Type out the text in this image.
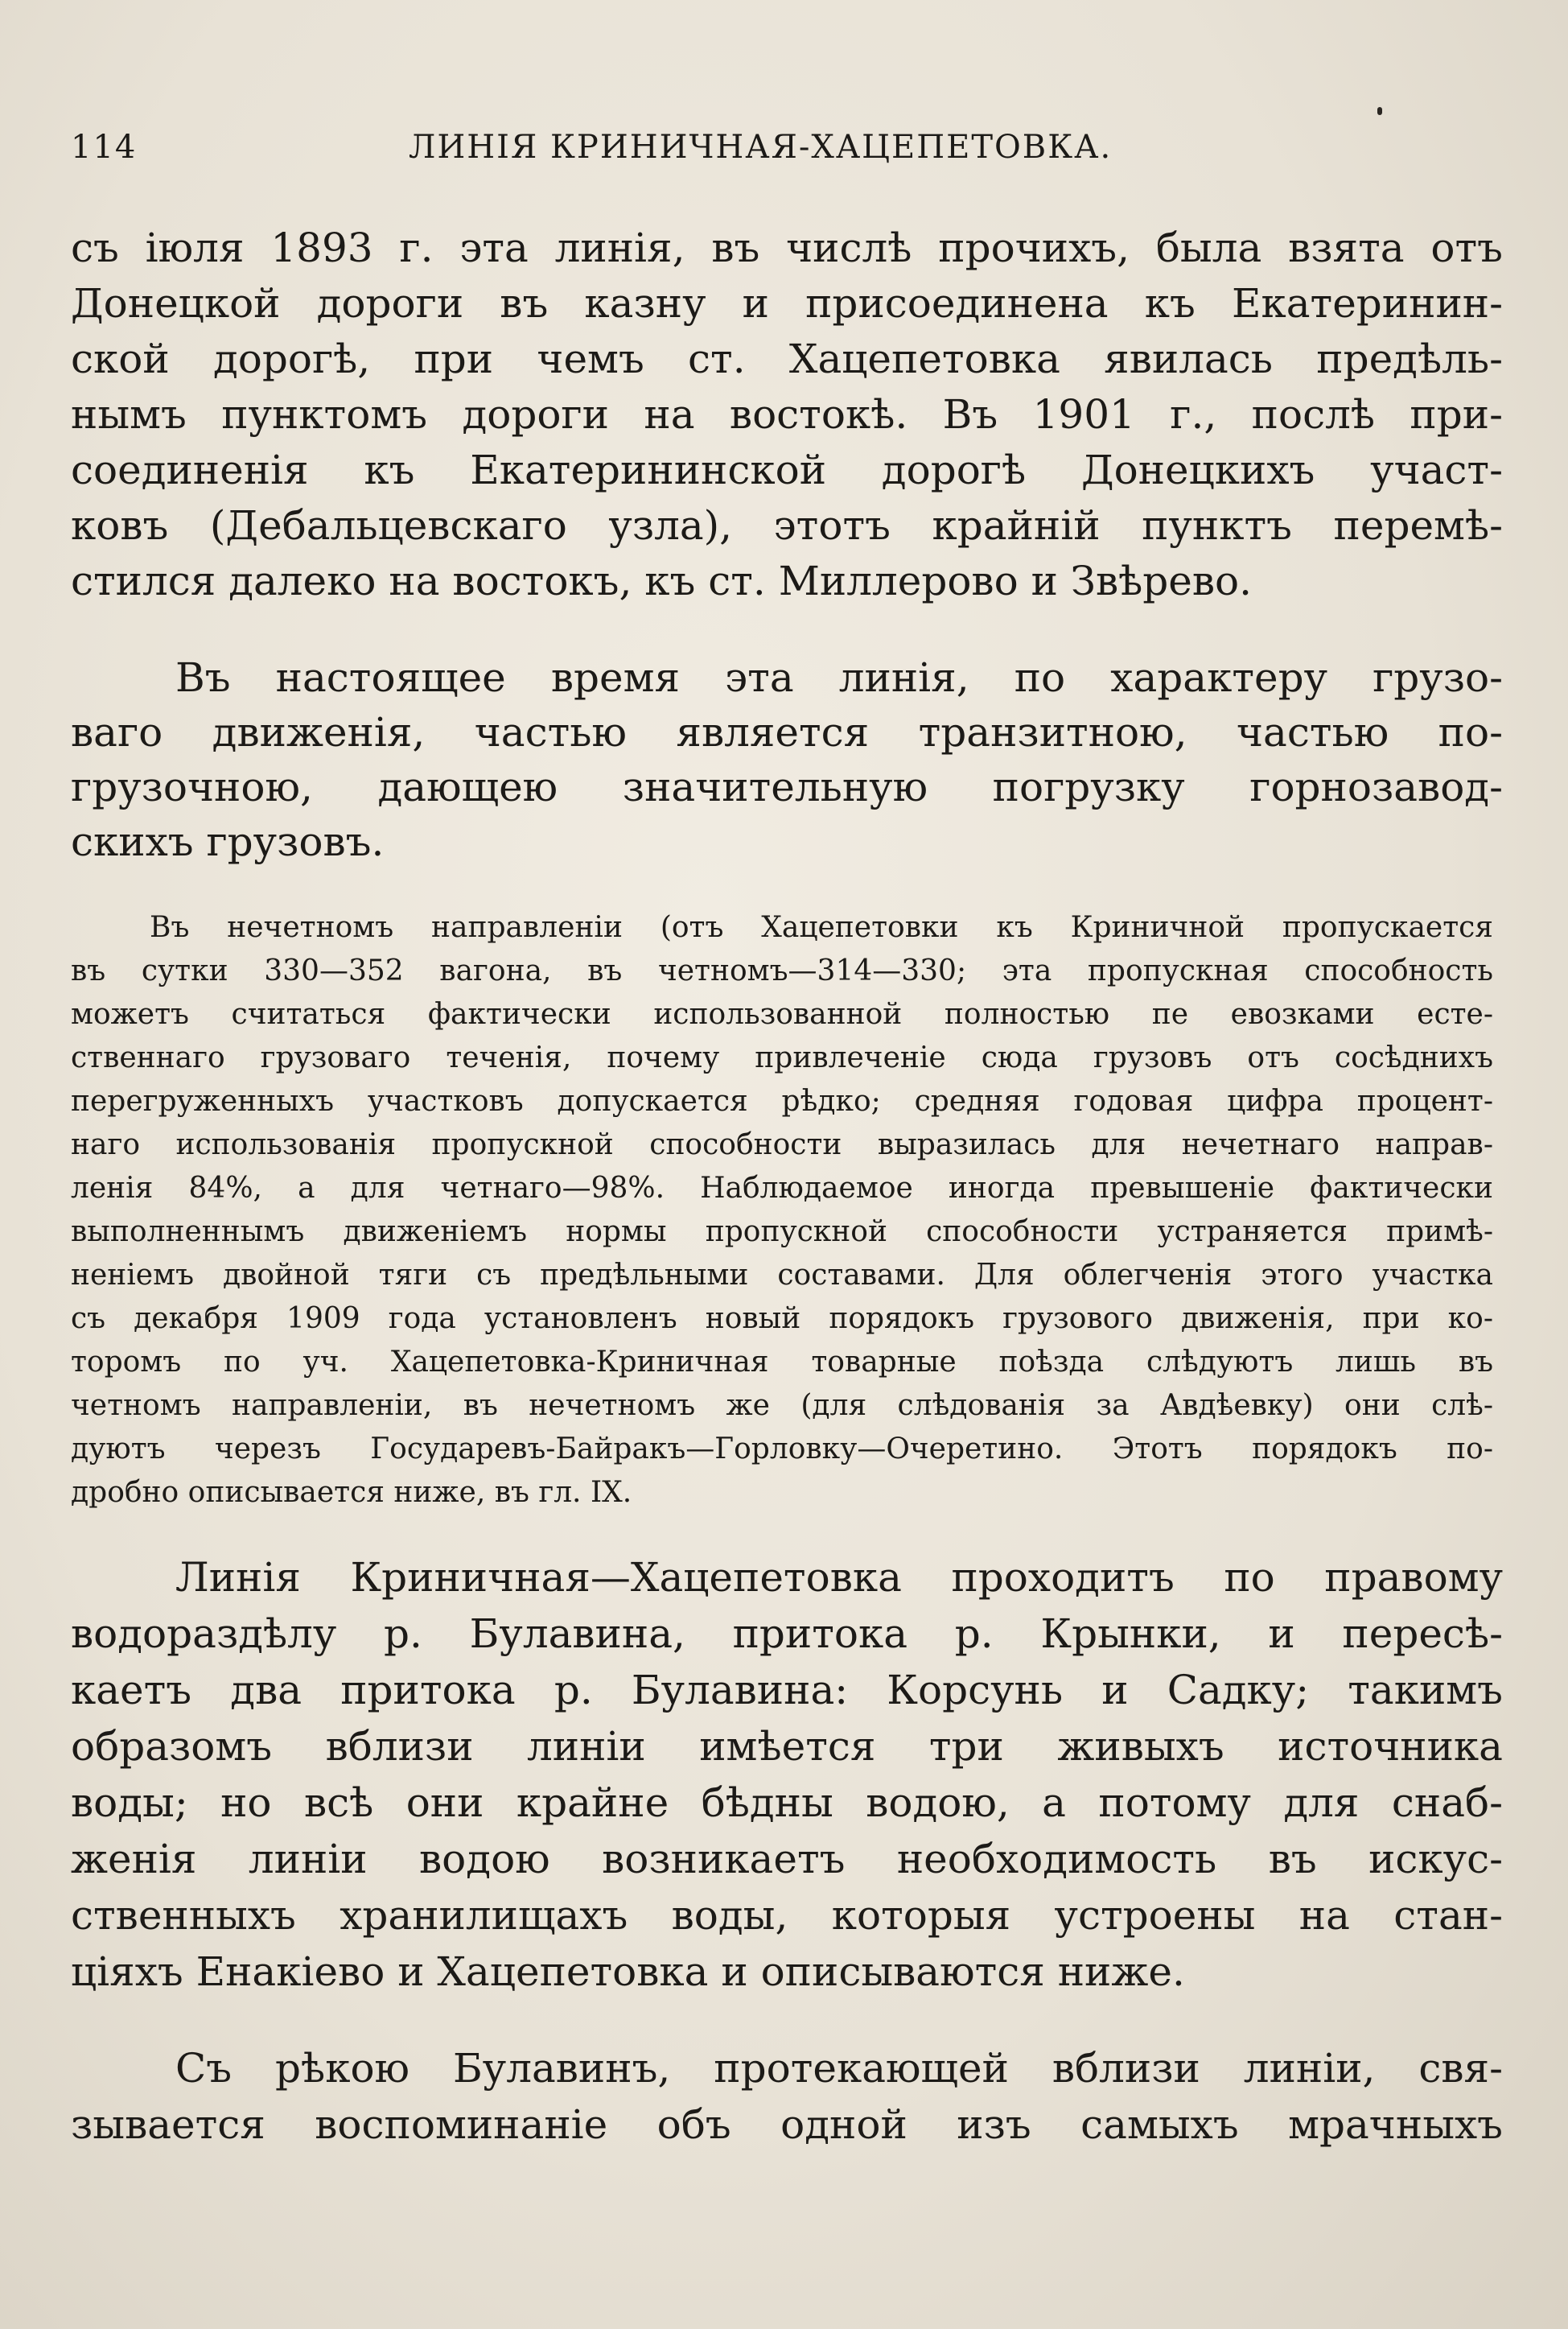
114	ЛИНІЯ КРИНИЧНАЯ-ХАЦЕПЕТОВКА.
съ іюля 1893 г. эта линія, въ числѣ прочихъ, была взята отъ
Донецкой дороги въ казну и присоединена къ Екатеринин-
ской дорогѣ, при чемъ ст. Хацепетовка явилась предѣль-
нымъ пунктомъ дороги на востокѣ. Въ 1901 г., послѣ при-
соединенія къ Екатерининской дорогѣ Донецкихъ участ-
ковъ (Дебальцевскаго узла), этотъ крайній пунктъ перемѣ-
стился далеко на востокъ, къ ст. Миллерово и Звѣрево.
Въ настоящее время эта линія, по характеру грузо-
ваго движенія, частью является транзитною, частью по-
грузочною, дающею значительную погрузку горнозавод-
скихъ грузовъ.
Въ нечетномъ направленіи (отъ Хацепетовки къ Криничной пропускается
въ сутки 330—352 вагона, въ четномъ—314—330; эта пропускная способность
можетъ считаться фактически использованной полностью пе евозками есте-
ственнаго грузоваго теченія, почему привлеченіе сюда грузовъ отъ сосѣднихъ
перегруженныхъ участковъ допускается рѣдко; средняя годовая цифра процент-
наго использованія пропускной способности выразилась для нечетнаго направ-
ленія 84%, а для четнаго—98%. Наблюдаемое иногда превышеніе фактически
выполненнымъ движеніемъ нормы пропускной способности устраняется примѣ-
неніемъ двойной тяги съ предѣльными составами. Для облегченія этого участка
съ декабря 1909 года установленъ новый порядокъ грузового движенія, при ко-
торомъ по уч. Хацепетовка-Криничная товарные поѣзда слѣдуютъ лишь въ
четномъ направленіи, въ нечетномъ же (для слѣдованія за Авдѣевку) они слѣ-
дуютъ черезъ Государевъ-Байракъ—Горловку—Очеретино. Этотъ порядокъ по-
дробно описывается ниже, въ гл. IX.
Линія Криничная—Хацепетовка проходитъ по правому
водораздѣлу р. Булавина, притока р. Крынки, и пересѣ-
каетъ два притока р. Булавина: Корсунь и Садку; такимъ
образомъ вблизи линіи имѣется три живыхъ источника
воды; но всѣ они крайне бѣдны водою, а потому для снаб-
женія линіи водою возникаетъ необходимость въ искус-
ственныхъ хранилищахъ воды, которыя устроены на стан-
ціяхъ Енакіево и Хацепетовка и описываются ниже.
Съ рѣкою Булавинъ, протекающей вблизи линіи, свя-
зывается воспоминаніе объ одной изъ самыхъ мрачныхъ
